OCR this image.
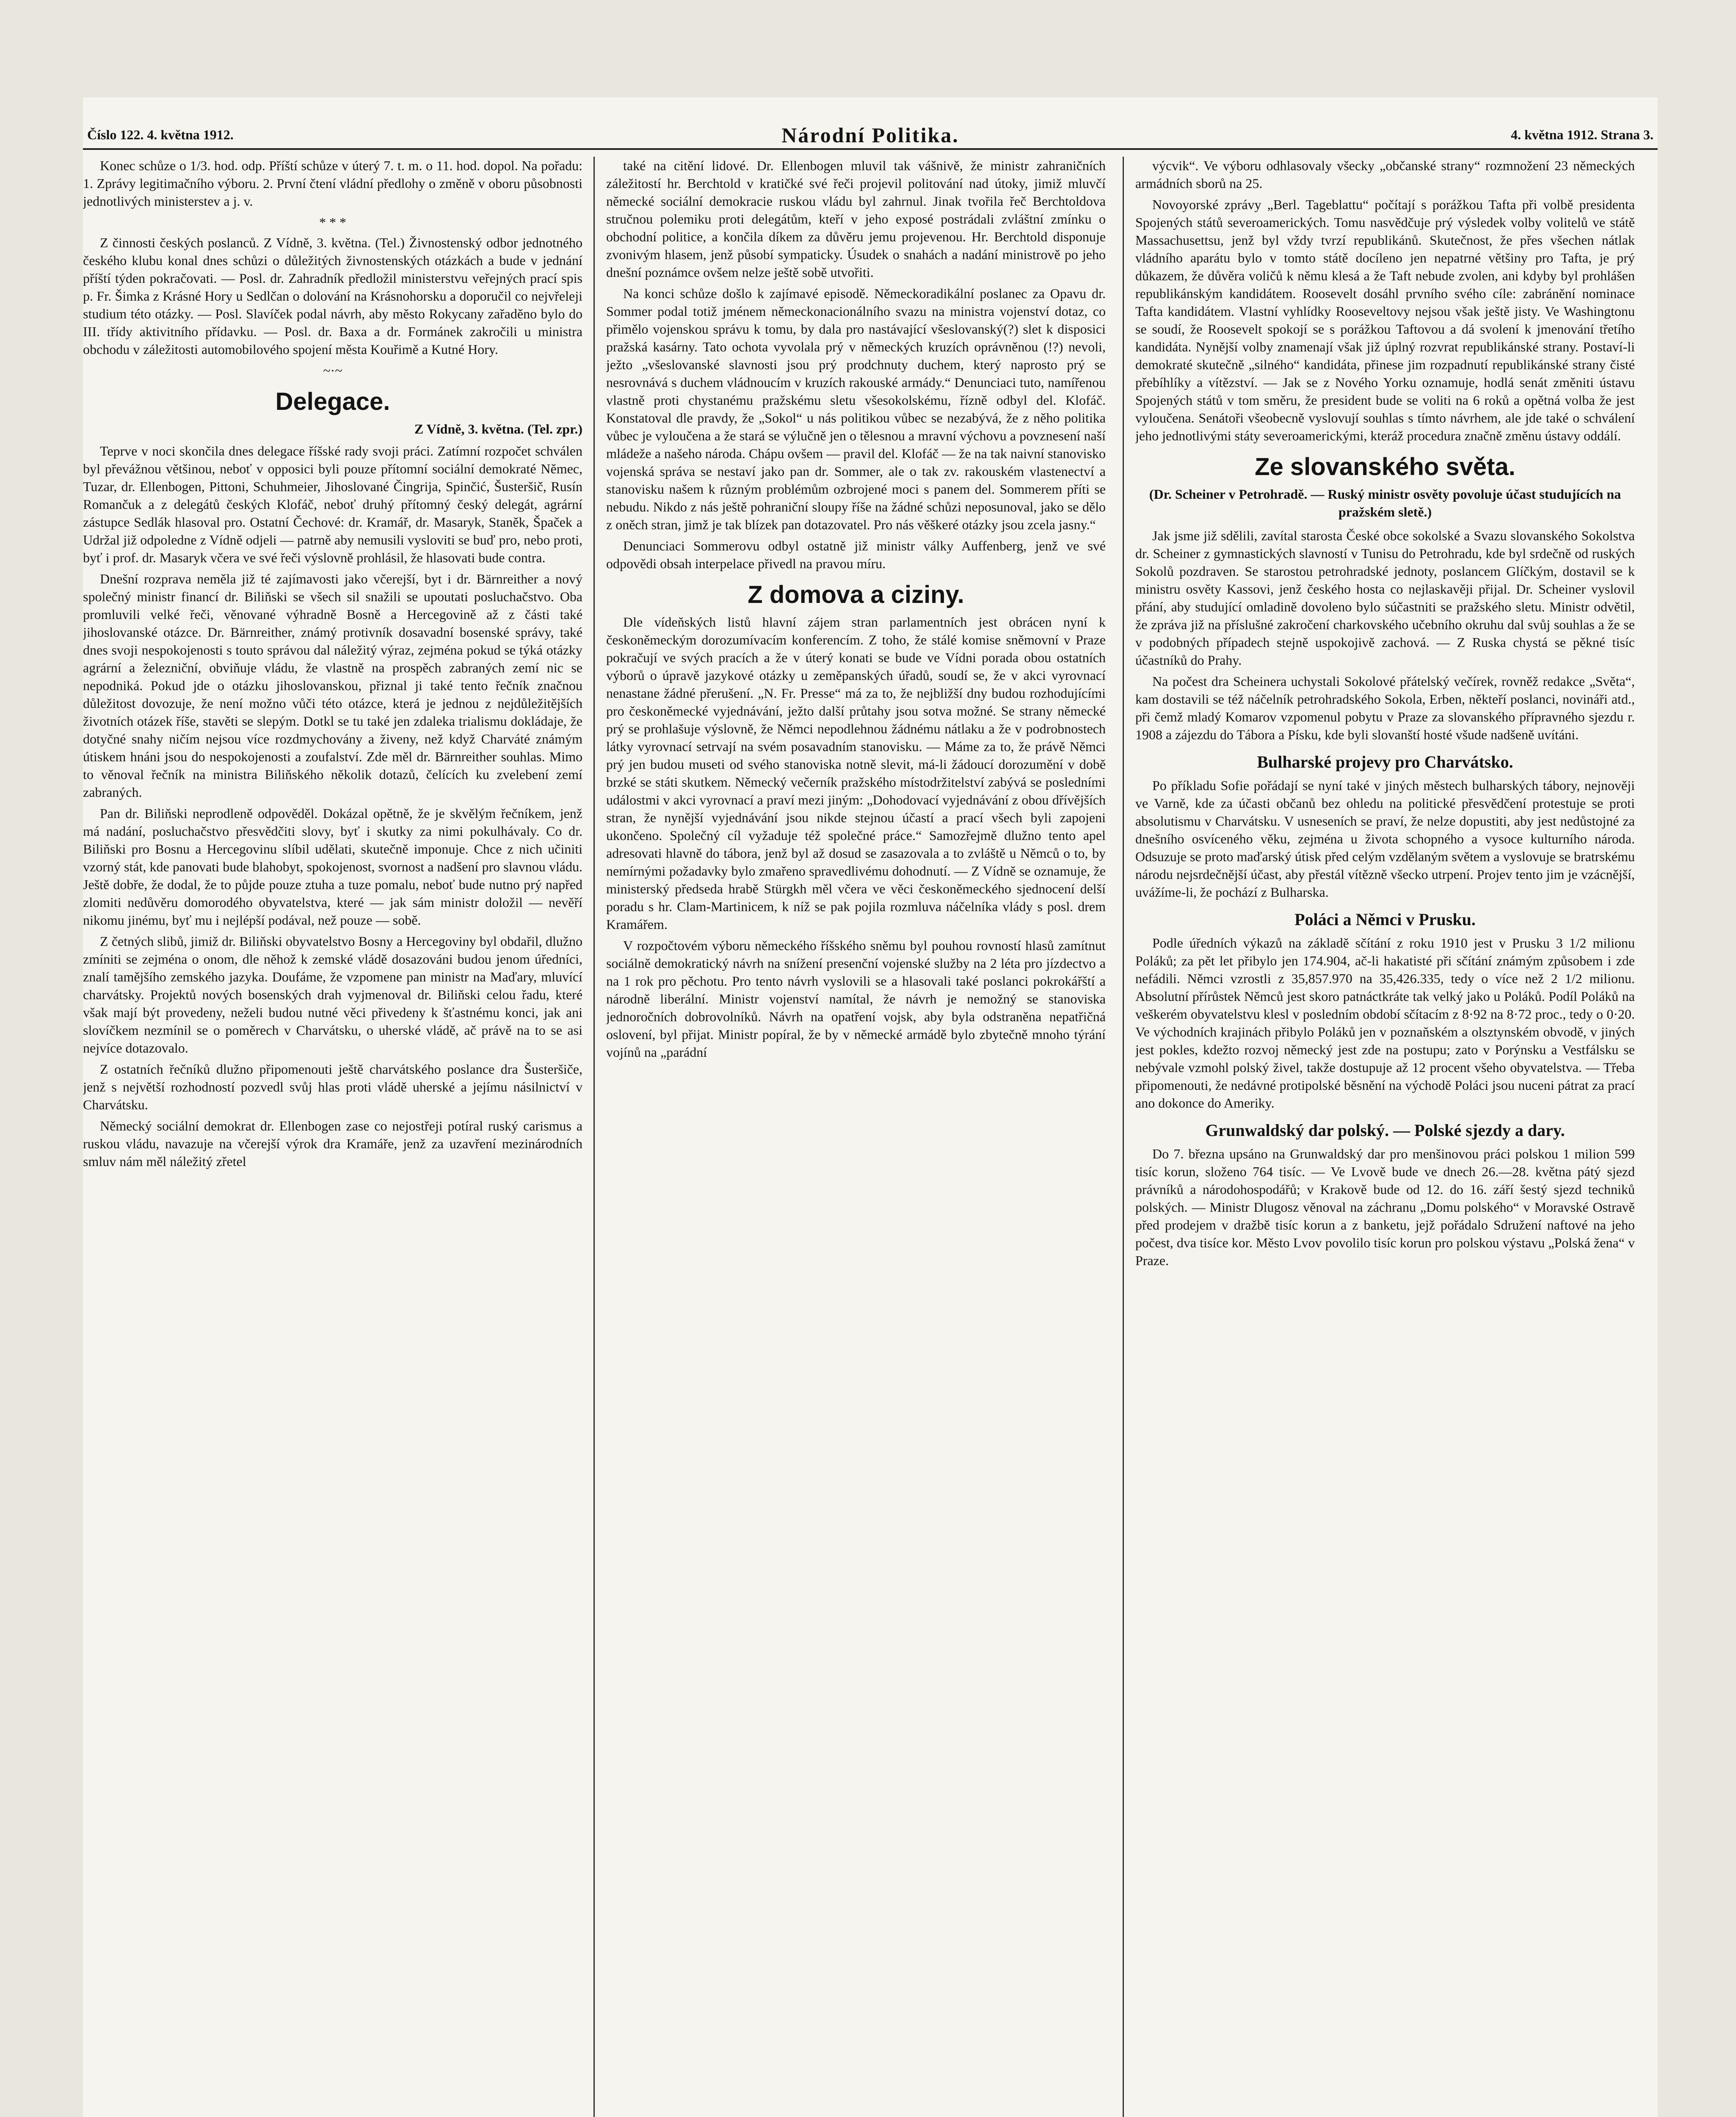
Číslo 122. 4. května 1912.	Národní Politika.	4. května 1912. Strana 3.

Konec schůze o 1/3. hod. odp. Příští schůze v úterý 7. t. m. o 11. hod. dopol. Na pořadu: 1. Zprávy legitimačního výboru. 2. První čtení vládní předlohy o změně v oboru působnosti jednotlivých ministerstev a j. v.

* * *

Z činnosti českých poslanců. Z Vídně, 3. května. (Tel.) Živnostenský odbor jednotného českého klubu konal dnes schůzi o důležitých živnostenských otázkách a bude v jednání příští týden pokračovati. — Posl. dr. Zahradník předložil ministerstvu veřejných prací spis p. Fr. Šimka z Krásné Hory u Sedlčan o dolování na Krásnohorsku a doporučil co nejvřeleji studium této otázky. — Posl. Slavíček podal návrh, aby město Rokycany zařaděno bylo do III. třídy aktivitního přídavku. — Posl. dr. Baxa a dr. Formánek zakročili u ministra obchodu v záležitosti automobilového spojení města Kouřimě a Kutné Hory.

~·~
Delegace.
Z Vídně, 3. května. (Tel. zpr.)

Teprve v noci skončila dnes delegace říšské rady svoji práci. Zatímní rozpočet schválen byl převážnou většinou, neboť v opposici byli pouze přítomní sociální demokraté Němec, Tuzar, dr. Ellenbogen, Pittoni, Schuhmeier, Jihoslované Čingrija, Spinčić, Šusteršič, Rusín Romančuk a z delegátů českých Klofáč, neboť druhý přítomný český delegát, agrární zástupce Sedlák hlasoval pro. Ostatní Čechové: dr. Kramář, dr. Masaryk, Staněk, Špaček a Udržal již odpoledne z Vídně odjeli — patrně aby nemusili vysloviti se buď pro, nebo proti, byť i prof. dr. Masaryk včera ve své řeči výslovně prohlásil, že hlasovati bude contra.

Dnešní rozprava neměla již té zajímavosti jako včerejší, byt i dr. Bärnreither a nový společný ministr financí dr. Biliňski se všech sil snažili se upoutati posluchačstvo. Oba promluvili velké řeči, věnované výhradně Bosně a Hercegovině až z části také jihoslovanské otázce. Dr. Bärnreither, známý protivník dosavadní bosenské správy, také dnes svoji nespokojenosti s touto správou dal náležitý výraz, zejména pokud se týká otázky agrární a železniční, obviňuje vládu, že vlastně na prospěch zabraných zemí nic se nepodniká. Pokud jde o otázku jihoslovanskou, přiznal ji také tento řečník značnou důležitost dovozuje, že není možno vůči této otázce, která je jednou z nejdůležitějších životních otázek říše, stavěti se slepým. Dotkl se tu také jen zdaleka trialismu dokládaje, že dotyčné snahy ničím nejsou více rozdmychovány a živeny, než když Charváté známým útiskem hnáni jsou do nespokojenosti a zoufalství. Zde měl dr. Bärnreither souhlas. Mimo to věnoval řečník na ministra Biliňského několik dotazů, čelících ku zvelebení zemí zabraných.

Pan dr. Biliňski neprodleně odpověděl. Dokázal opětně, že je skvělým řečníkem, jenž má nadání, posluchačstvo přesvědčiti slovy, byť i skutky za nimi pokulhávaly. Co dr. Biliňski pro Bosnu a Hercegovinu slíbil udělati, skutečně imponuje. Chce z nich učiniti vzorný stát, kde panovati bude blahobyt, spokojenost, svornost a nadšení pro slavnou vládu. Ještě dobře, že dodal, že to půjde pouze ztuha a tuze pomalu, neboť bude nutno prý napřed zlomiti nedůvěru domorodého obyvatelstva, které — jak sám ministr doložil — nevěří nikomu jinému, byť mu i nejlépší podával, než pouze — sobě.

Z četných slibů, jimiž dr. Biliňski obyvatelstvo Bosny a Hercegoviny byl obdařil, dlužno zmíniti se zejména o onom, dle něhož k zemské vládě dosazováni budou jenom úředníci, znalí tamějšího zemského jazyka. Doufáme, že vzpomene pan ministr na Maďary, mluvící charvátsky. Projektů nových bosenských drah vyjmenoval dr. Biliňski celou řadu, které však mají být provedeny, neželi budou nutné věci přivedeny k šťastnému konci, jak ani slovíčkem nezmínil se o poměrech v Charvátsku, o uherské vládě, ač právě na to se asi nejvíce dotazovalo.

Z ostatních řečníků dlužno připomenouti ještě charvátského poslance dra Šusteršiče, jenž s největší rozhodností pozvedl svůj hlas proti vládě uherské a jejímu násilnictví v Charvátsku.

Německý sociální demokrat dr. Ellenbogen zase co nejostřeji potíral ruský carismus a ruskou vládu, navazuje na včerejší výrok dra Kramáře, jenž za uzavření mezinárodních smluv nám měl náležitý zřetel

také na citění lidové. Dr. Ellenbogen mluvil tak vášnivě, že ministr zahraničních záležitostí hr. Berchtold v kratičké své řeči projevil politování nad útoky, jimiž mluvčí německé sociální demokracie ruskou vládu byl zahrnul. Jinak tvořila řeč Berchtoldova stručnou polemiku proti delegátům, kteří v jeho exposé postrádali zvláštní zmínku o obchodní politice, a končila díkem za důvěru jemu projevenou. Hr. Berchtold disponuje zvonivým hlasem, jenž působí sympaticky. Úsudek o snahách a nadání ministrově po jeho dnešní poznámce ovšem nelze ještě sobě utvořiti.

Na konci schůze došlo k zajímavé episodě. Německoradikální poslanec za Opavu dr. Sommer podal totiž jménem německonacionálního svazu na ministra vojenství dotaz, co přimělo vojenskou správu k tomu, by dala pro nastávající všeslovanský(?) slet k disposici pražská kasárny. Tato ochota vyvolala prý v německých kruzích oprávněnou (!?) nevoli, ježto „všeslovanské slavnosti jsou prý prodchnuty duchem, který naprosto prý se nesrovnává s duchem vládnoucím v kruzích rakouské armády.“ Denunciaci tuto, namířenou vlastně proti chystanému pražskému sletu všesokolskému, řízně odbyl del. Klofáč. Konstatoval dle pravdy, že „Sokol“ u nás politikou vůbec se nezabývá, že z něho politika vůbec je vyloučena a že stará se výlučně jen o tělesnou a mravní výchovu a povznesení naší mládeže a našeho národa. Chápu ovšem — pravil del. Klofáč — že na tak naivní stanovisko vojenská správa se nestaví jako pan dr. Sommer, ale o tak zv. rakouském vlastenectví a stanovisku našem k různým problémům ozbrojené moci s panem del. Sommerem příti se nebudu. Nikdo z nás ještě pohraniční sloupy říše na žádné schůzi neposunoval, jako se dělo z oněch stran, jimž je tak blízek pan dotazovatel. Pro nás věškeré otázky jsou zcela jasny.“

Denunciaci Sommerovu odbyl ostatně již ministr války Auffenberg, jenž ve své odpovědi obsah interpelace přivedl na pravou míru.

Z domova a ciziny.

Dle vídeňských listů hlavní zájem stran parlamentních jest obrácen nyní k českoněmeckým dorozumívacím konferencím. Z toho, že stálé komise sněmovní v Praze pokračují ve svých pracích a že v úterý konati se bude ve Vídni porada obou ostatních výborů o úpravě jazykové otázky u zeměpanských úřadů, soudí se, že v akci vyrovnací nenastane žádné přerušení. „N. Fr. Presse“ má za to, že nejbližší dny budou rozhodujícími pro českoněmecké vyjednávání, ježto další průtahy jsou sotva možné. Se strany německé prý se prohlašuje výslovně, že Němci nepodlehnou žádnému nátlaku a že v podrobnostech látky vyrovnací setrvají na svém posavadním stanovisku. — Máme za to, že právě Němci prý jen budou museti od svého stanoviska notně slevit, má-li žádoucí dorozumění v době brzké se státi skutkem. Německý večerník pražského místodržitelství zabývá se posledními událostmi v akci vyrovnací a praví mezi jiným: „Dohodovací vyjednávání z obou dřívějších stran, že nynější vyjednávání jsou nikde stejnou účastí a prací všech byli zapojeni ukončeno. Společný cíl vyžaduje též společné práce.“ Samozřejmě dlužno tento apel adresovati hlavně do tábora, jenž byl až dosud se zasazovala a to zvláště u Němců o to, by nemírnými požadavky bylo zmařeno spravedlivému dohodnutí. — Z Vídně se oznamuje, že ministerský předseda hrabě Stürgkh měl včera ve věci českoněmeckého sjednocení delší poradu s hr. Clam-Martinicem, k níž se pak pojila rozmluva náčelníka vlády s posl. drem Kramářem.

V rozpočtovém výboru německého říšského sněmu byl pouhou rovností hlasů zamítnut sociálně demokratický návrh na snížení presenční vojenské služby na 2 léta pro jízdectvo a na 1 rok pro pěchotu. Pro tento návrh vyslovili se a hlasovali také poslanci pokrokářští a národně liberální. Ministr vojenství namítal, že návrh je nemožný se stanoviska jednoročních dobrovolníků. Návrh na opatření vojsk, aby byla odstraněna nepatřičná oslovení, byl přijat. Ministr popíral, že by v německé armádě bylo zbytečně mnoho týrání vojínů na „parádní

výcvik“. Ve výboru odhlasovaly všecky „občanské strany“ rozmnožení 23 německých armádních sborů na 25.

Novoyorské zprávy „Berl. Tageblattu“ počítají s porážkou Tafta při volbě presidenta Spojených států severoamerických. Tomu nasvědčuje prý výsledek volby volitelů ve státě Massachusettsu, jenž byl vždy tvrzí republikánů. Skutečnost, že přes všechen nátlak vládního aparátu bylo v tomto státě docíleno jen nepatrné většiny pro Tafta, je prý důkazem, že důvěra voličů k němu klesá a že Taft nebude zvolen, ani kdyby byl prohlášen republikánským kandidátem. Roosevelt dosáhl prvního svého cíle: zabránění nominace Tafta kandidátem. Vlastní vyhlídky Rooseveltovy nejsou však ještě jisty. Ve Washingtonu se soudí, že Roosevelt spokojí se s porážkou Taftovou a dá svolení k jmenování třetího kandidáta. Nynější volby znamenají však již úplný rozvrat republikánské strany. Postaví-li demokraté skutečně „silného“ kandidáta, přinese jim rozpadnutí republikánské strany čisté přebíhlíky a vítězství. — Jak se z Nového Yorku oznamuje, hodlá senát změniti ústavu Spojených států v tom směru, že president bude se voliti na 6 roků a opětná volba že jest vyloučena. Senátoři všeobecně vyslovují souhlas s tímto návrhem, ale jde také o schválení jeho jednotlivými státy severoamerickými, kteráž procedura značně změnu ústavy oddálí.

Ze slovanského světa.
(Dr. Scheiner v Petrohradě. — Ruský ministr osvěty povoluje účast studujících na pražském sletě.)

Jak jsme již sdělili, zavítal starosta České obce sokolské a Svazu slovanského Sokolstva dr. Scheiner z gymnastických slavností v Tunisu do Petrohradu, kde byl srdečně od ruských Sokolů pozdraven. Se starostou petrohradské jednoty, poslancem Glíčkým, dostavil se k ministru osvěty Kassovi, jenž českého hosta co nejlaskavěji přijal. Dr. Scheiner vyslovil přání, aby studující omladině dovoleno bylo súčastniti se pražského sletu. Ministr odvětil, že zpráva již na příslušné zakročení charkovského učebního okruhu dal svůj souhlas a že se v podobných případech stejně uspokojivě zachová. — Z Ruska chystá se pěkné tisíc účastníků do Prahy.

Na počest dra Scheinera uchystali Sokolové přátelský večírek, rovněž redakce „Světa“, kam dostavili se též náčelník petrohradského Sokola, Erben, někteří poslanci, novináři atd., při čemž mladý Komarov vzpomenul pobytu v Praze za slovanského přípravného sjezdu r. 1908 a zájezdu do Tábora a Písku, kde byli slovanští hosté všude nadšeně uvítáni.

Bulharské projevy pro Charvátsko.

Po příkladu Sofie pořádají se nyní také v jiných městech bulharských tábory, nejnověji ve Varně, kde za účasti občanů bez ohledu na politické přesvědčení protestuje se proti absolutismu v Charvátsku. V usneseních se praví, že nelze dopustiti, aby jest nedůstojné za dnešního osvíceného věku, zejména u života schopného a vysoce kulturního národa. Odsuzuje se proto maďarský útisk před celým vzdělaným světem a vyslovuje se bratrskému národu nejsrdečnější účast, aby přestál vítězně všecko utrpení. Projev tento jim je vzácnější, uvážíme-li, že pochází z Bulharska.

Poláci a Němci v Prusku.

Podle úředních výkazů na základě sčítání z roku 1910 jest v Prusku 3 1/2 milionu Poláků; za pět let přibylo jen 174.904, ač-li hakatisté při sčítání známým způsobem i zde nefádili. Němci vzrostli z 35,857.970 na 35,426.335, tedy o více než 2 1/2 milionu. Absolutní přírůstek Němců jest skoro patnáctkráte tak velký jako u Poláků. Podíl Poláků na veškerém obyvatelstvu klesl v posledním období sčítacím z 8·92 na 8·72 proc., tedy o 0·20. Ve východních krajinách přibylo Poláků jen v poznaňském a olsztynském obvodě, v jiných jest pokles, kdežto rozvoj německý jest zde na postupu; zato v Porýnsku a Vestfálsku se nebývale vzmohl polský živel, takže dostupuje až 12 procent všeho obyvatelstva. — Třeba připomenouti, že nedávné protipolské běsnění na východě Poláci jsou nuceni pátrat za prací ano dokonce do Ameriky.

Grunwaldský dar polský. — Polské sjezdy a dary.

Do 7. března upsáno na Grunwaldský dar pro menšinovou práci polskou 1 milion 599 tisíc korun, složeno 764 tisíc. — Ve Lvově bude ve dnech 26.—28. května pátý sjezd právníků a národohospodářů; v Krakově bude od 12. do 16. září šestý sjezd techniků polských. — Ministr Dlugosz věnoval na záchranu „Domu polského“ v Moravské Ostravě před prodejem v dražbě tisíc korun a z banketu, jejž pořádalo Sdružení naftové na jeho počest, dva tisíce kor. Město Lvov povolilo tisíc korun pro polskou výstavu „Polská žena“ v Praze.
